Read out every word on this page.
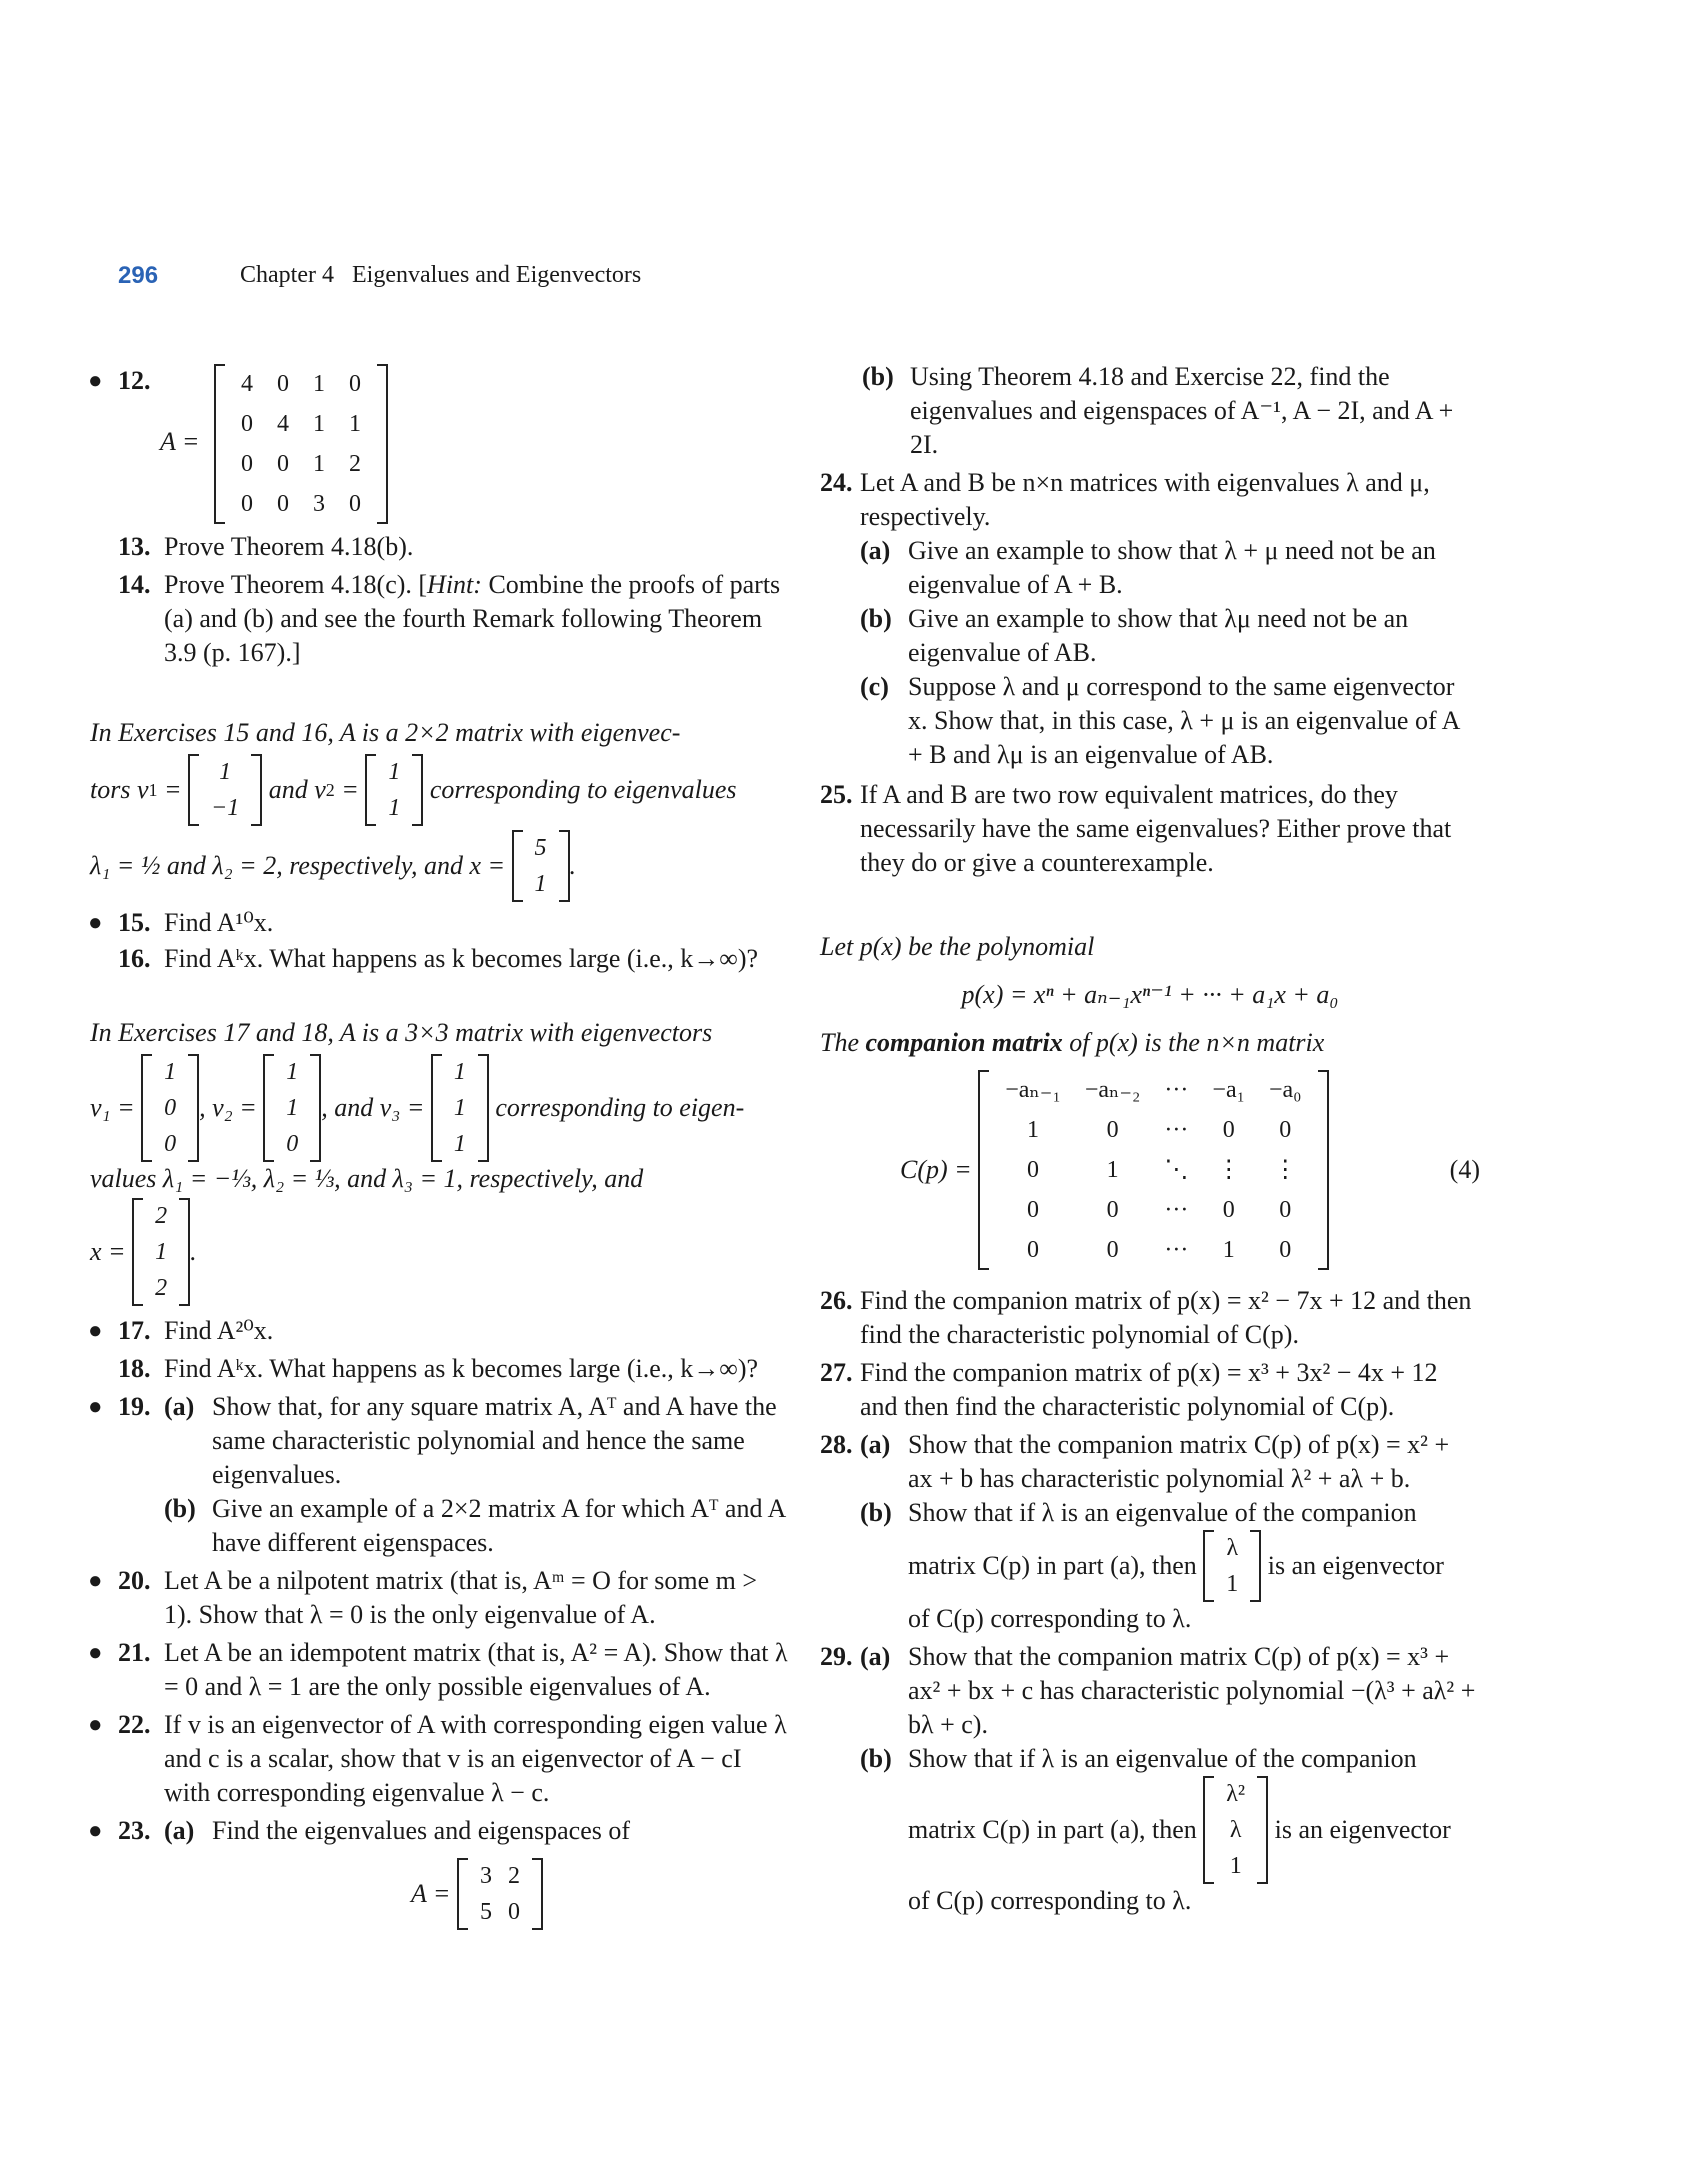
296	Chapter 4 Eigenvalues and Eigenvectors
● 12.
A =
4	0	1	0
0	4	1	1
0	0	1	2
0	0	3	0
13. Prove Theorem 4.18(b).
14. Prove Theorem 4.18(c). [Hint: Combine the proofs of parts (a) and (b) and see the fourth Remark following Theorem 3.9 (p. 167).]

In Exercises 15 and 16, A is a 2×2 matrix with eigenvec-

tors v 1 =
1
−1

and v 2 =
1
1

corresponding to eigenvalues
λ₁ = ½ and λ₂ = 2, respectively, and x =

5
1
.
● 15. Find A¹⁰x.
16. Find Aᵏx. What happens as k becomes large (i.e., k→∞)?

In Exercises 17 and 18, A is a 3×3 matrix with eigenvectors

v₁ =

1
0
0
, v₂ =

1
1
0
, and v₃ =

1
1
1

corresponding to eigen-

values λ₁ = −⅓, λ₂ = ⅓, and λ₃ = 1, respectively, and

x =

2
1
2
.
● 17. Find A²⁰x.
18. Find Aᵏx. What happens as k becomes large (i.e., k→∞)?
● 19. (a) Show that, for any square matrix A, Aᵀ and A have the same characteristic polynomial and hence the same eigenvalues.
(b) Give an example of a 2×2 matrix A for which Aᵀ and A have different eigenspaces.
● 20. Let A be a nilpotent matrix (that is, Aᵐ = O for some m > 1). Show that λ = 0 is the only eigenvalue of A.
● 21. Let A be an idempotent matrix (that is, A² = A). Show that λ = 0 and λ = 1 are the only possible eigenvalues of A.
● 22. If v is an eigenvector of A with corresponding eigen value λ and c is a scalar, show that v is an eigenvector of A − cI with corresponding eigenvalue λ − c.
● 23. (a) Find the eigenvalues and eigenspaces of
A =

3	2
5	0
(b) Using Theorem 4.18 and Exercise 22, find the eigenvalues and eigenspaces of A⁻¹, A − 2I, and A + 2I.
24. Let A and B be n×n matrices with eigenvalues λ and μ, respectively.
(a) Give an example to show that λ + μ need not be an eigenvalue of A + B.
(b) Give an example to show that λμ need not be an eigenvalue of AB.
(c) Suppose λ and μ correspond to the same eigenvector x. Show that, in this case, λ + μ is an eigenvalue of A + B and λμ is an eigenvalue of AB.
25. If A and B are two row equivalent matrices, do they necessarily have the same eigenvalues? Either prove that they do or give a counterexample.

Let p(x) be the polynomial

p(x) = xⁿ + aₙ₋₁xⁿ⁻¹ + ··· + a₁x + a₀

The companion matrix of p(x) is the n×n matrix

C(p) =

−aₙ₋₁	−aₙ₋₂	···	−a₁	−a₀
1	0	···	0	0
0	1	⋱	⋮	⋮
0	0	···	0	0
0	0	···	1	0
(4)
26. Find the companion matrix of p(x) = x² − 7x + 12 and then find the characteristic polynomial of C(p).
27. Find the companion matrix of p(x) = x³ + 3x² − 4x + 12 and then find the characteristic polynomial of C(p).
28. (a) Show that the companion matrix C(p) of p(x) = x² + ax + b has characteristic polynomial λ² + aλ + b.
(b) Show that if λ is an eigenvalue of the companion
matrix C(p) in part (a), then

λ
1

is an eigenvector
of C(p) corresponding to λ.
29. (a) Show that the companion matrix C(p) of p(x) = x³ + ax² + bx + c has characteristic polynomial −(λ³ + aλ² + bλ + c).
(b) Show that if λ is an eigenvalue of the companion
matrix C(p) in part (a), then

λ²
λ
1

is an eigenvector
of C(p) corresponding to λ.
